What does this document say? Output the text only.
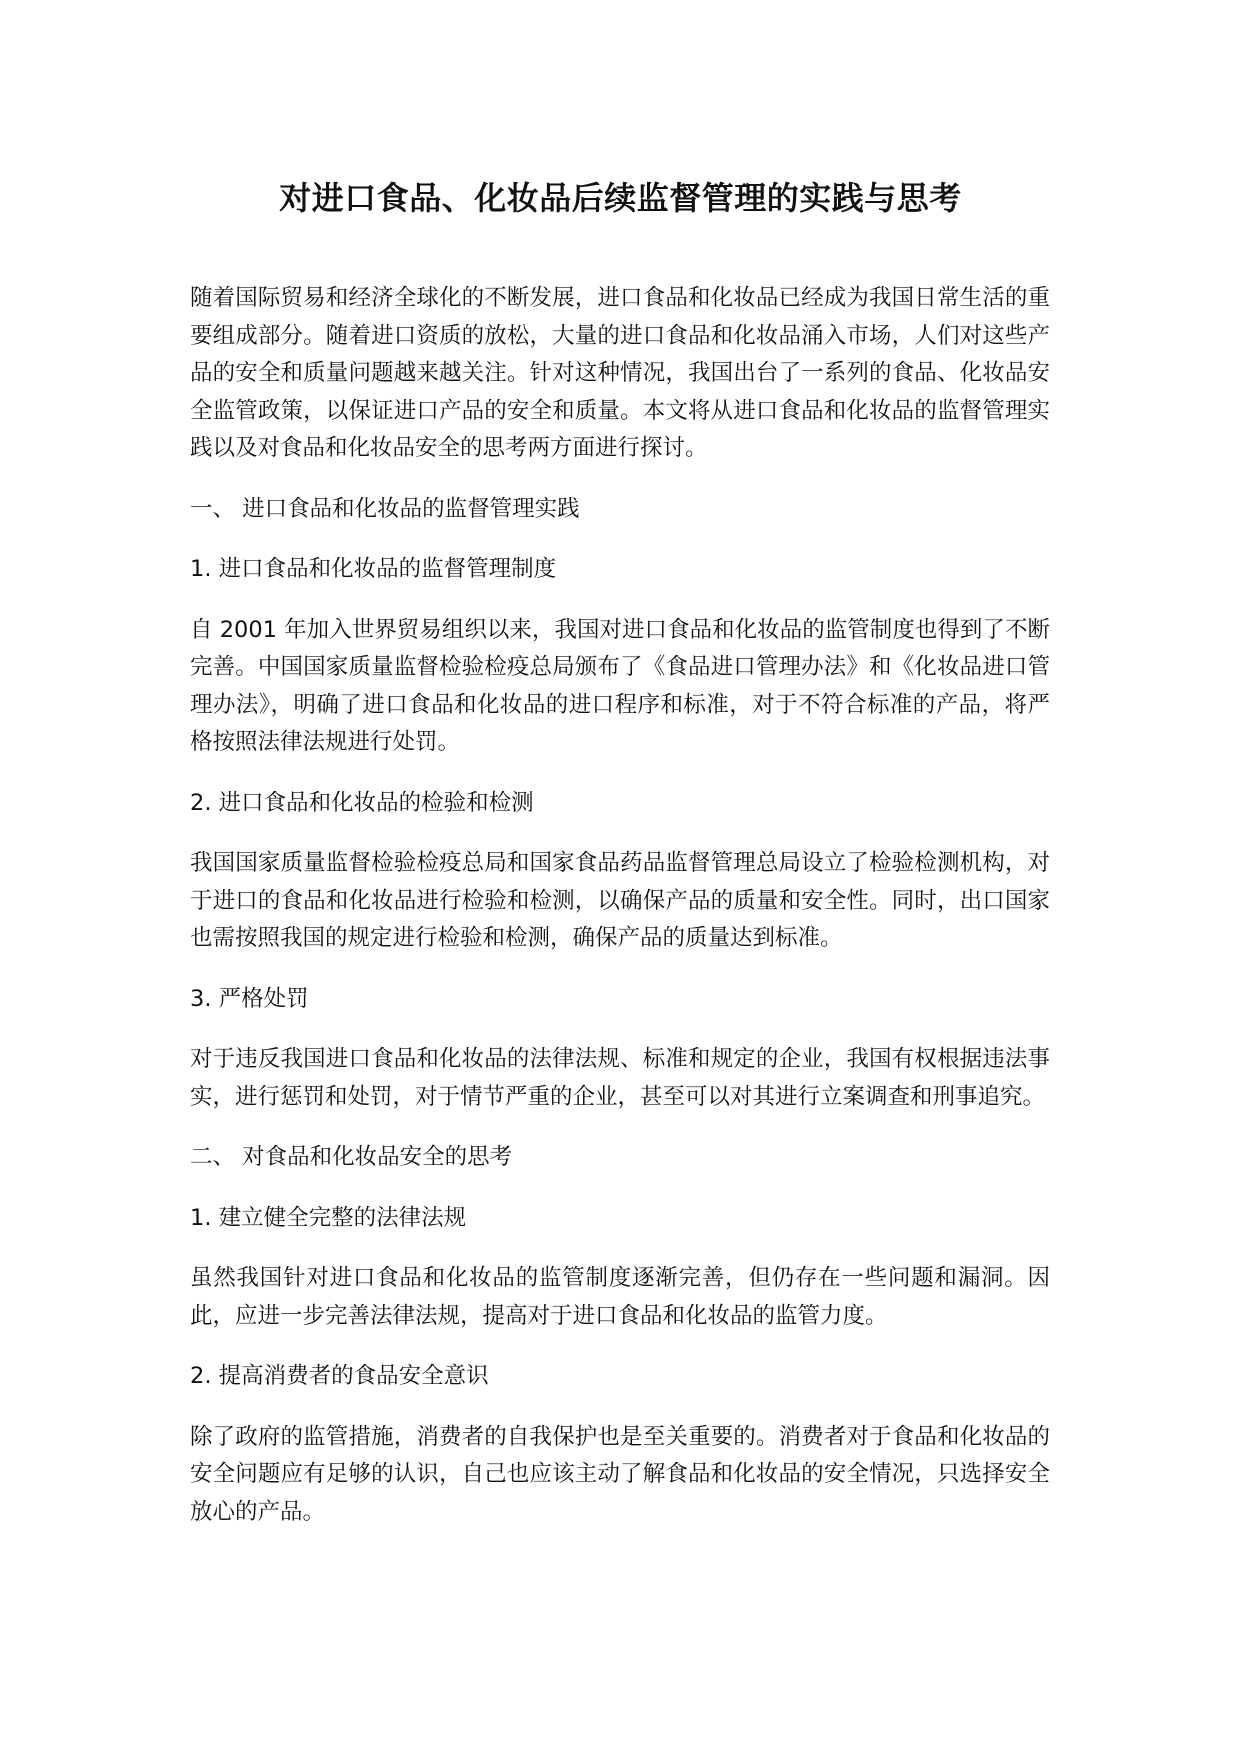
对进口食品、化妆品后续监督管理的实践与思考

随着国际贸易和经济全球化的不断发展，进口食品和化妆品已经成为我国日常生活的重要组成部分。随着进口资质的放松，大量的进口食品和化妆品涌入市场，人们对这些产品的安全和质量问题越来越关注。针对这种情况，我国出台了一系列的食品、化妆品安全监管政策，以保证进口产品的安全和质量。本文将从进口食品和化妆品的监督管理实践以及对食品和化妆品安全的思考两方面进行探讨。

一、 进口食品和化妆品的监督管理实践
1. 进口食品和化妆品的监督管理制度

自 2001 年加入世界贸易组织以来，我国对进口食品和化妆品的监管制度也得到了不断完善。中国国家质量监督检验检疫总局颁布了《食品进口管理办法》和《化妆品进口管理办法》，明确了进口食品和化妆品的进口程序和标准，对于不符合标准的产品，将严格按照法律法规进行处罚。

2. 进口食品和化妆品的检验和检测

我国国家质量监督检验检疫总局和国家食品药品监督管理总局设立了检验检测机构，对于进口的食品和化妆品进行检验和检测，以确保产品的质量和安全性。同时，出口国家也需按照我国的规定进行检验和检测，确保产品的质量达到标准。

3. 严格处罚

对于违反我国进口食品和化妆品的法律法规、标准和规定的企业，我国有权根据违法事实，进行惩罚和处罚，对于情节严重的企业，甚至可以对其进行立案调查和刑事追究。

二、 对食品和化妆品安全的思考
1. 建立健全完整的法律法规

虽然我国针对进口食品和化妆品的监管制度逐渐完善，但仍存在一些问题和漏洞。因此，应进一步完善法律法规，提高对于进口食品和化妆品的监管力度。

2. 提高消费者的食品安全意识

除了政府的监管措施，消费者的自我保护也是至关重要的。消费者对于食品和化妆品的安全问题应有足够的认识，自己也应该主动了解食品和化妆品的安全情况，只选择安全放心的产品。
